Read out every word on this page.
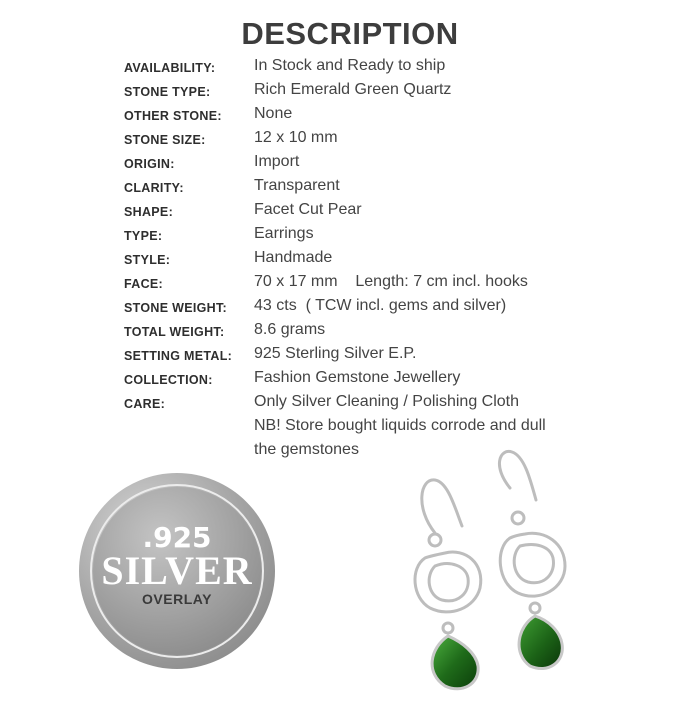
DESCRIPTION
AVAILABILITY: In Stock and Ready to ship
STONE TYPE:	Rich Emerald Green Quartz
OTHER STONE: None
STONE SIZE:	12 x 10 mm
ORIGIN:	Import
CLARITY:	Transparent
SHAPE:	Facet Cut Pear
TYPE:	Earrings
STYLE:	Handmade
FACE:	70 x 17 mm    Length: 7 cm incl. hooks
STONE WEIGHT: 43 cts  ( TCW incl. gems and silver)
TOTAL WEIGHT: 8.6 grams
SETTING METAL: 925 Sterling Silver E.P.
COLLECTION:	Fashion Gemstone Jewellery
CARE:	Only Silver Cleaning / Polishing Cloth
NB! Store bought liquids corrode and dull
the gemstones
.925
SILVER
OVERLAY
